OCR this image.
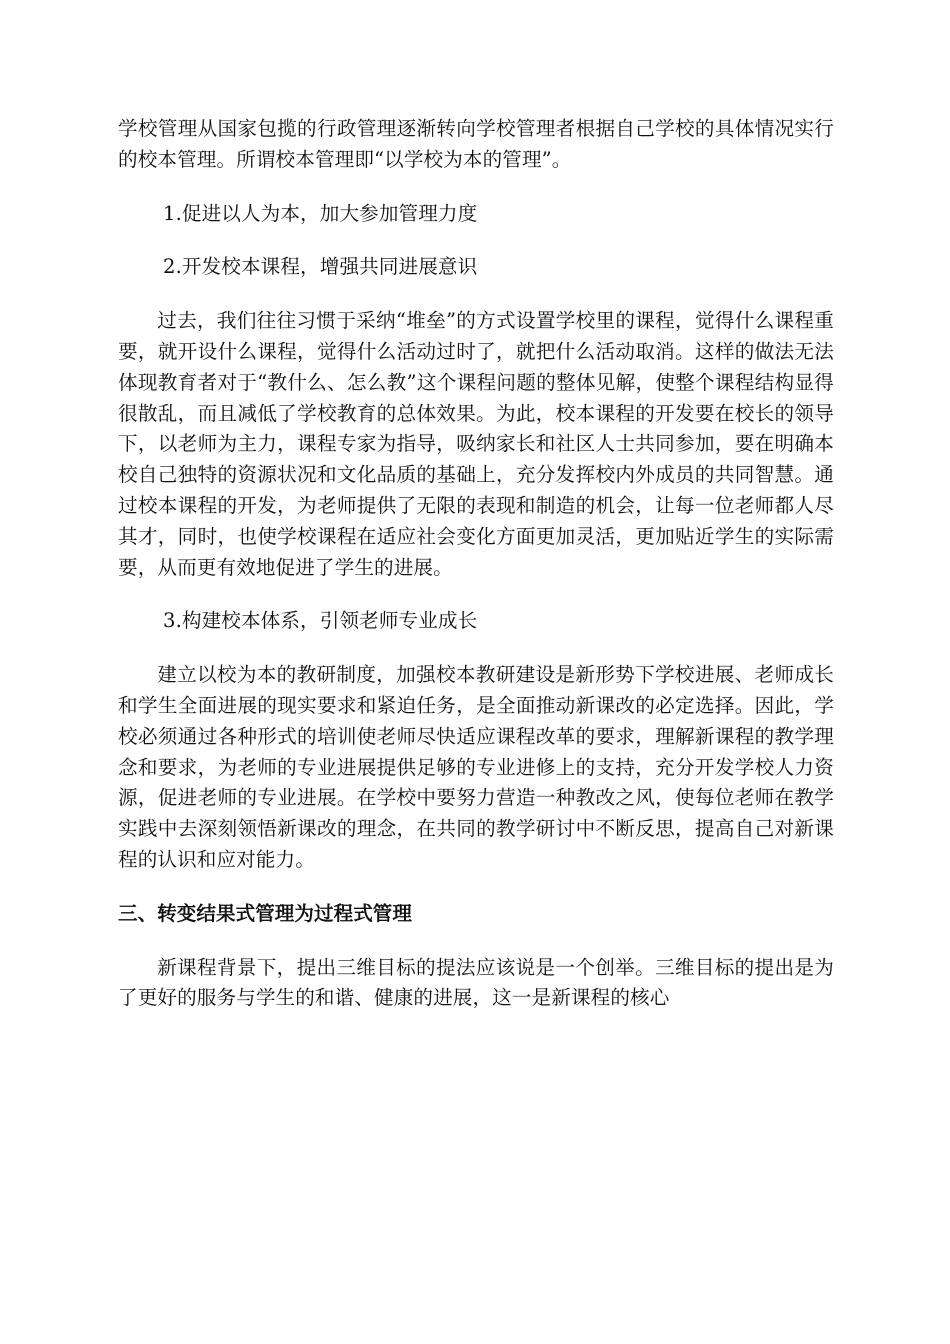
学校管理从国家包揽的行政管理逐渐转向学校管理者根据自己学校的具体情况实行的校本管理。所谓校本管理即“以学校为本的管理”。

1.促进以人为本，加大参加管理力度

2.开发校本课程，增强共同进展意识

过去，我们往往习惯于采纳“堆垒”的方式设置学校里的课程，觉得什么课程重要，就开设什么课程，觉得什么活动过时了，就把什么活动取消。这样的做法无法体现教育者对于“教什么、怎么教”这个课程问题的整体见解，使整个课程结构显得很散乱，而且减低了学校教育的总体效果。为此，校本课程的开发要在校长的领导下，以老师为主力，课程专家为指导，吸纳家长和社区人士共同参加，要在明确本校自己独特的资源状况和文化品质的基础上，充分发挥校内外成员的共同智慧。通过校本课程的开发，为老师提供了无限的表现和制造的机会，让每一位老师都人尽其才，同时，也使学校课程在适应社会变化方面更加灵活，更加贴近学生的实际需要，从而更有效地促进了学生的进展。

3.构建校本体系，引领老师专业成长

建立以校为本的教研制度，加强校本教研建设是新形势下学校进展、老师成长和学生全面进展的现实要求和紧迫任务，是全面推动新课改的必定选择。因此，学校必须通过各种形式的培训使老师尽快适应课程改革的要求，理解新课程的教学理念和要求，为老师的专业进展提供足够的专业进修上的支持，充分开发学校人力资源，促进老师的专业进展。在学校中要努力营造一种教改之风，使每位老师在教学实践中去深刻领悟新课改的理念，在共同的教学研讨中不断反思，提高自己对新课程的认识和应对能力。

三、转变结果式管理为过程式管理

新课程背景下，提出三维目标的提法应该说是一个创举。三维目标的提出是为了更好的服务与学生的和谐、健康的进展，这一是新课程的核心
